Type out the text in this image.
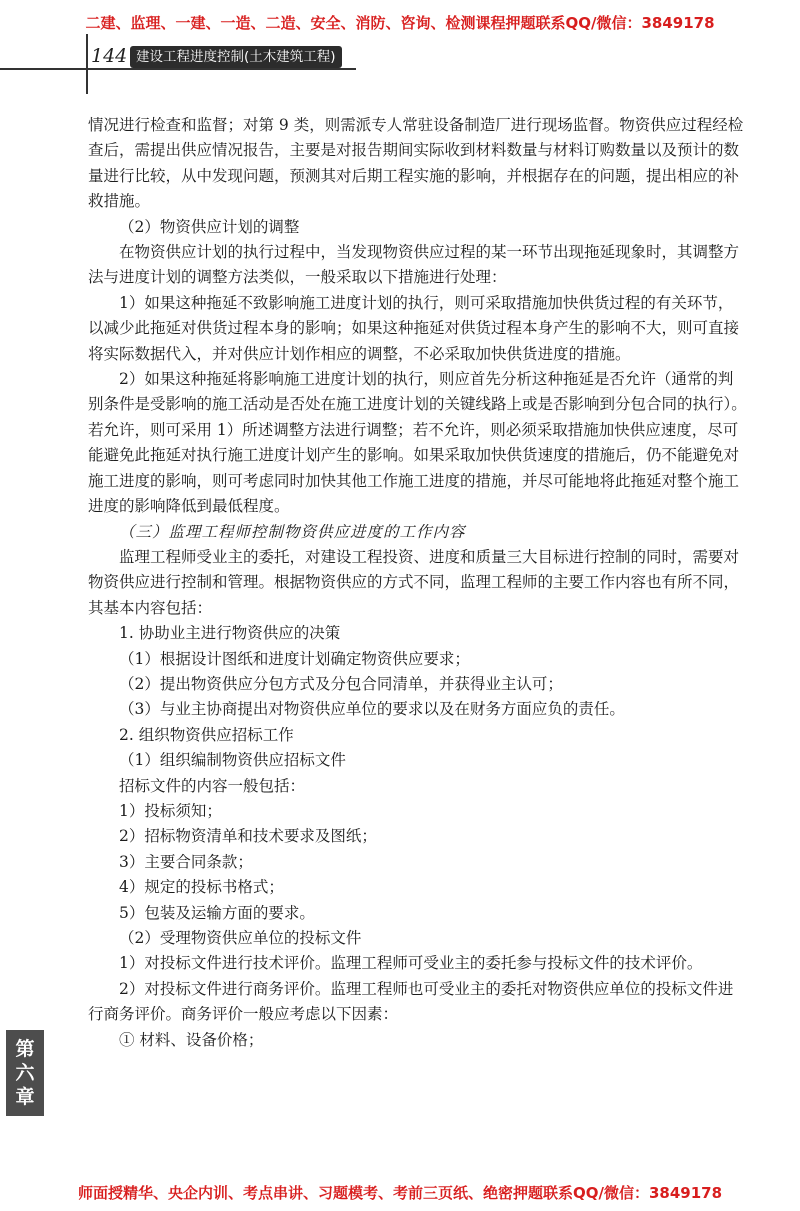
二建、监理、一建、一造、二造、安全、消防、咨询、检测课程押题联系QQ/微信：3849178
144 建设工程进度控制(土木建筑工程)

情况进行检查和监督；对第 9 类，则需派专人常驻设备制造厂进行现场监督。物资供应过程经检查后，需提出供应情况报告，主要是对报告期间实际收到材料数量与材料订购数量以及预计的数量进行比较，从中发现问题，预测其对后期工程实施的影响，并根据存在的问题，提出相应的补救措施。

（2）物资供应计划的调整

在物资供应计划的执行过程中，当发现物资供应过程的某一环节出现拖延现象时，其调整方法与进度计划的调整方法类似，一般采取以下措施进行处理：

1）如果这种拖延不致影响施工进度计划的执行，则可采取措施加快供货过程的有关环节，以减少此拖延对供货过程本身的影响；如果这种拖延对供货过程本身产生的影响不大，则可直接将实际数据代入，并对供应计划作相应的调整，不必采取加快供货进度的措施。

2）如果这种拖延将影响施工进度计划的执行，则应首先分析这种拖延是否允许（通常的判别条件是受影响的施工活动是否处在施工进度计划的关键线路上或是否影响到分包合同的执行）。若允许，则可采用 1）所述调整方法进行调整；若不允许，则必须采取措施加快供应速度，尽可能避免此拖延对执行施工进度计划产生的影响。如果采取加快供货速度的措施后，仍不能避免对施工进度的影响，则可考虑同时加快其他工作施工进度的措施，并尽可能地将此拖延对整个施工进度的影响降低到最低程度。

（三）监理工程师控制物资供应进度的工作内容

监理工程师受业主的委托，对建设工程投资、进度和质量三大目标进行控制的同时，需要对物资供应进行控制和管理。根据物资供应的方式不同，监理工程师的主要工作内容也有所不同，其基本内容包括：

1. 协助业主进行物资供应的决策

（1）根据设计图纸和进度计划确定物资供应要求；

（2）提出物资供应分包方式及分包合同清单，并获得业主认可；

（3）与业主协商提出对物资供应单位的要求以及在财务方面应负的责任。

2. 组织物资供应招标工作

（1）组织编制物资供应招标文件

招标文件的内容一般包括：

1）投标须知；

2）招标物资清单和技术要求及图纸；

3）主要合同条款；

4）规定的投标书格式；

5）包装及运输方面的要求。

（2）受理物资供应单位的投标文件

1）对投标文件进行技术评价。监理工程师可受业主的委托参与投标文件的技术评价。

2）对投标文件进行商务评价。监理工程师也可受业主的委托对物资供应单位的投标文件进行商务评价。商务评价一般应考虑以下因素：

① 材料、设备价格；

第
六
章
师面授精华、央企内训、考点串讲、习题模考、考前三页纸、绝密押题联系QQ/微信：3849178
